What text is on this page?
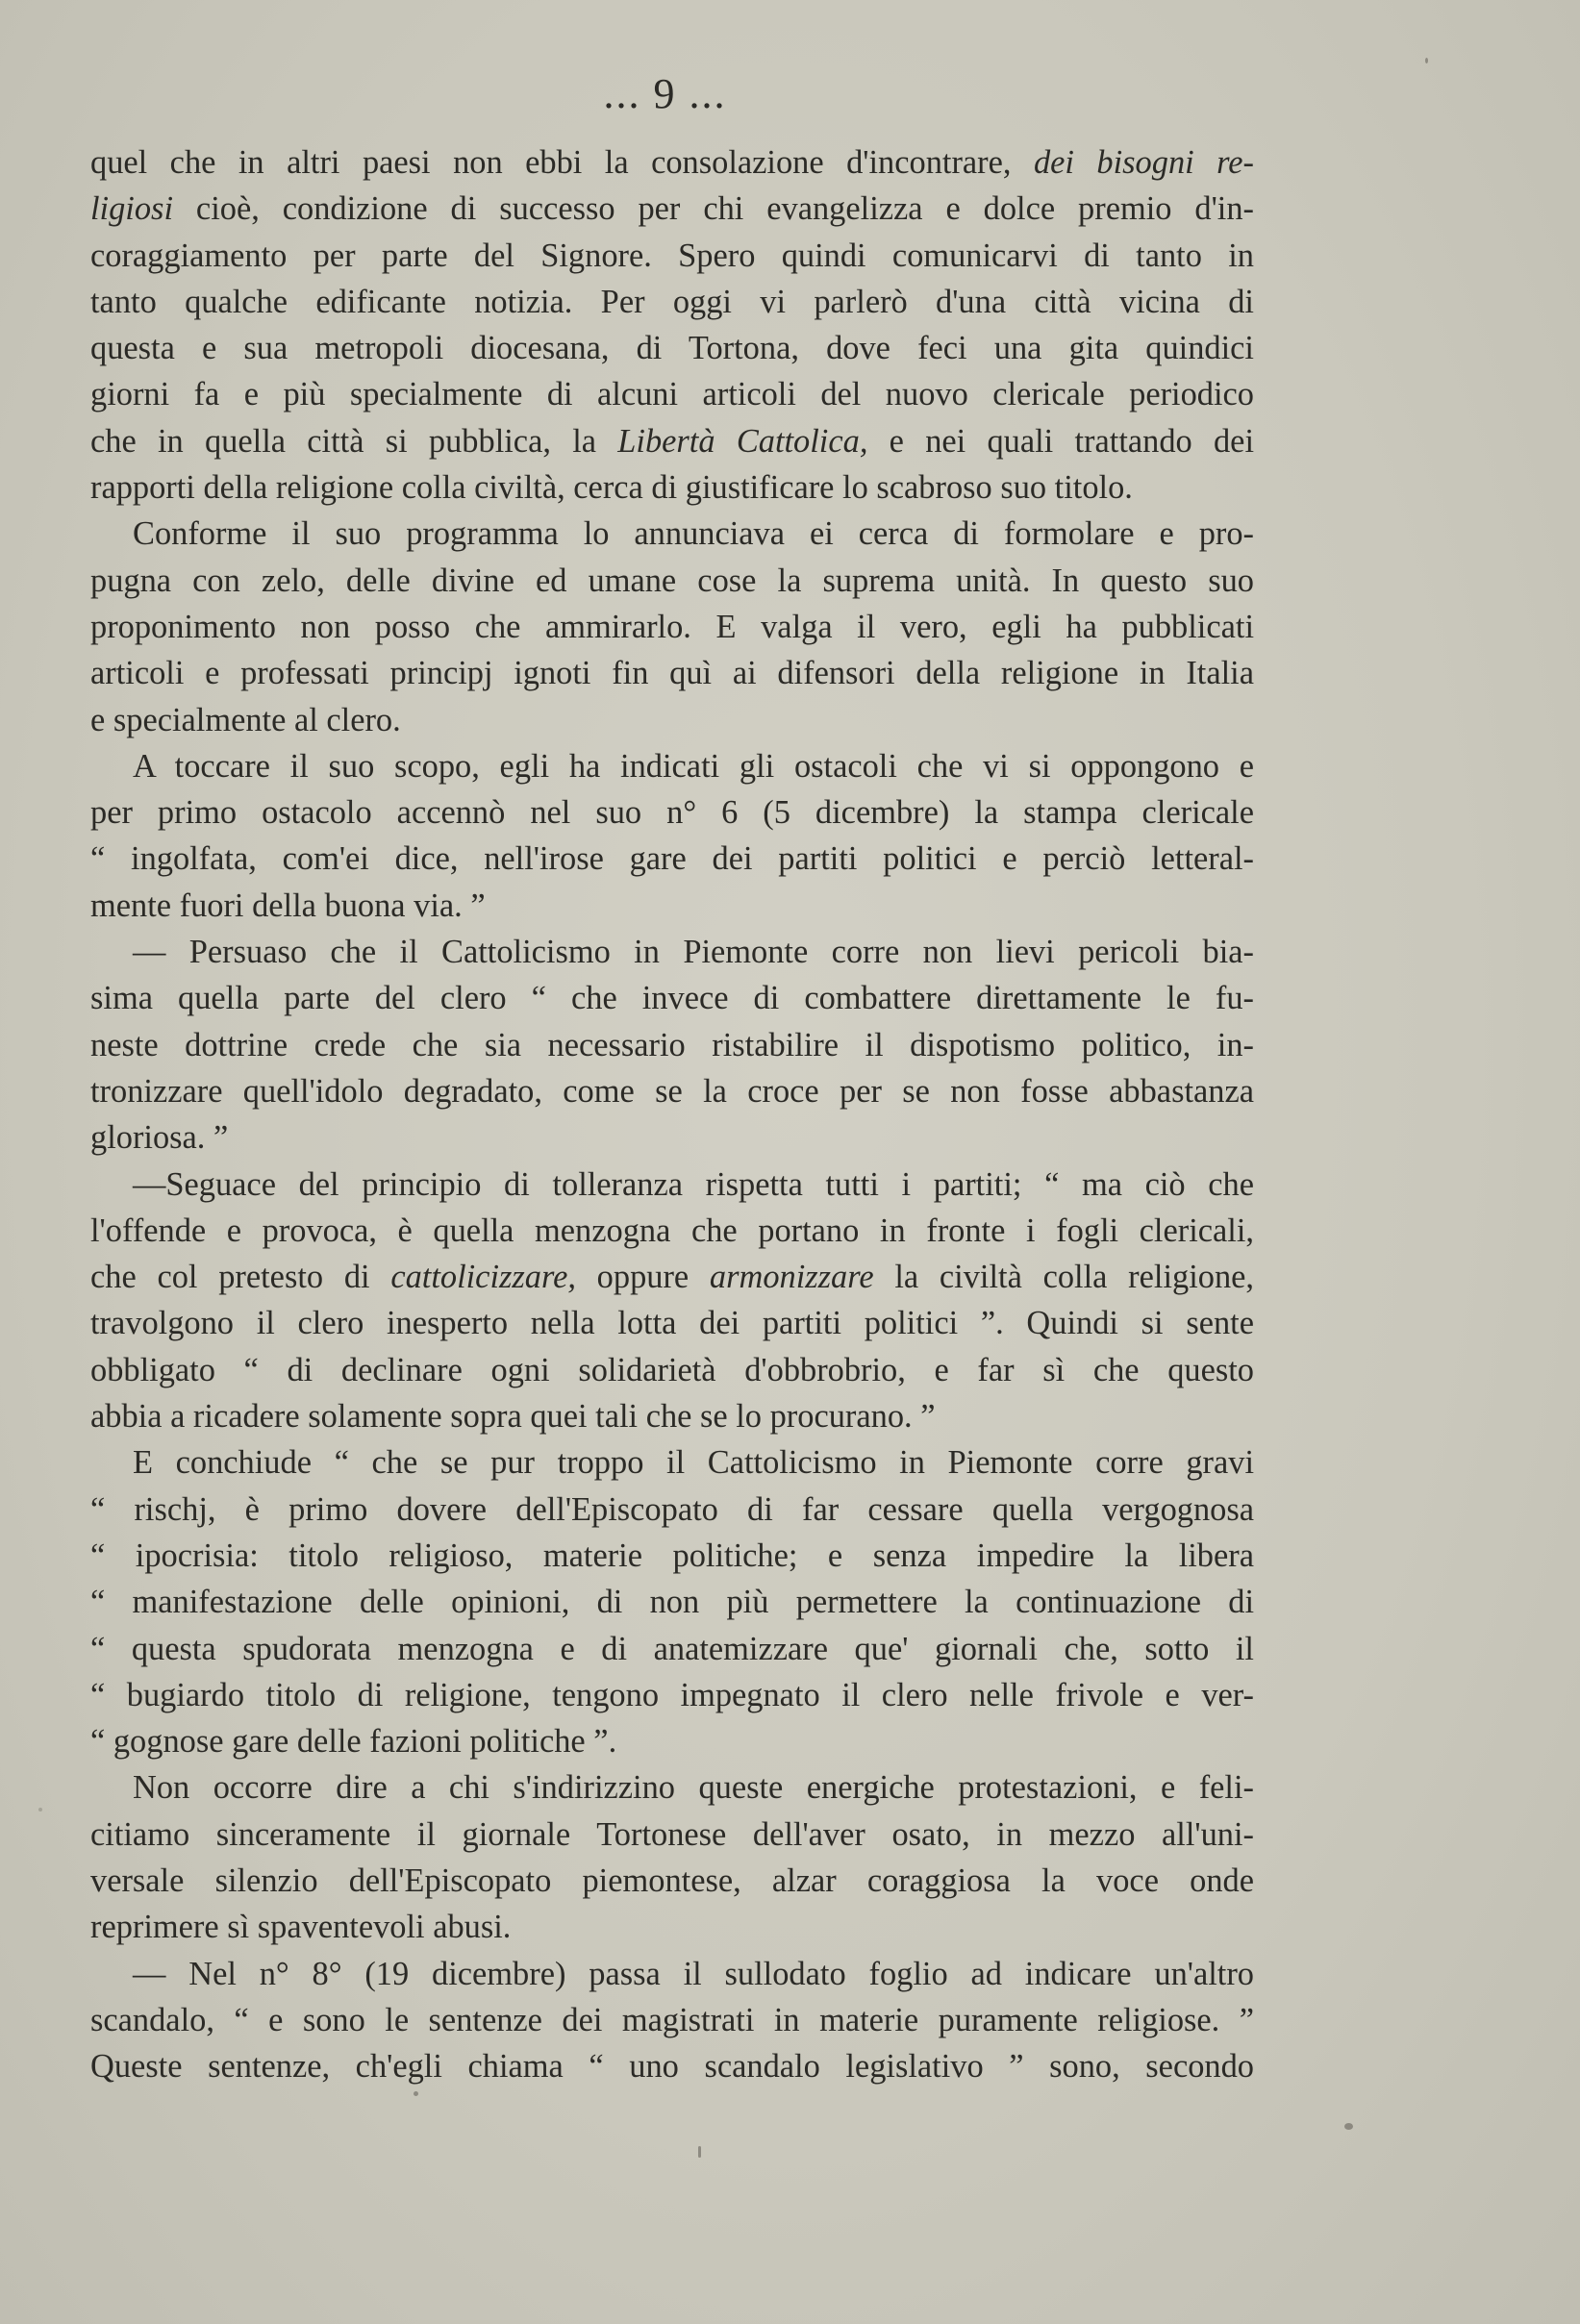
... 9 ...
quel che in altri paesi non ebbi la consolazione d'incontrare, dei bisogni re-
ligiosi cioè, condizione di successo per chi evangelizza e dolce premio d'in-
coraggiamento per parte del Signore. Spero quindi comunicarvi di tanto in
tanto qualche edificante notizia. Per oggi vi parlerò d'una città vicina di
questa e sua metropoli diocesana, di Tortona, dove feci una gita quindici
giorni fa e più specialmente di alcuni articoli del nuovo clericale periodico
che in quella città si pubblica, la Libertà Cattolica, e nei quali trattando dei
rapporti della religione colla civiltà, cerca di giustificare lo scabroso suo titolo.
Conforme il suo programma lo annunciava ei cerca di formolare e pro-
pugna con zelo, delle divine ed umane cose la suprema unità. In questo suo
proponimento non posso che ammirarlo. E valga il vero, egli ha pubblicati
articoli e professati principj ignoti fin quì ai difensori della religione in Italia
e specialmente al clero.
A toccare il suo scopo, egli ha indicati gli ostacoli che vi si oppongono e
per primo ostacolo accennò nel suo n° 6 (5 dicembre) la stampa clericale
“ ingolfata, com'ei dice, nell'irose gare dei partiti politici e perciò letteral-
mente fuori della buona via. ”
— Persuaso che il Cattolicismo in Piemonte corre non lievi pericoli bia-
sima quella parte del clero “ che invece di combattere direttamente le fu-
neste dottrine crede che sia necessario ristabilire il dispotismo politico, in-
tronizzare quell'idolo degradato, come se la croce per se non fosse abbastanza
gloriosa. ”
—Seguace del principio di tolleranza rispetta tutti i partiti; “ ma ciò che
l'offende e provoca, è quella menzogna che portano in fronte i fogli clericali,
che col pretesto di cattolicizzare, oppure armonizzare la civiltà colla religione,
travolgono il clero inesperto nella lotta dei partiti politici ”. Quindi si sente
obbligato “ di declinare ogni solidarietà d'obbrobrio, e far sì che questo
abbia a ricadere solamente sopra quei tali che se lo procurano. ”
E conchiude “ che se pur troppo il Cattolicismo in Piemonte corre gravi
“ rischj, è primo dovere dell'Episcopato di far cessare quella vergognosa
“ ipocrisia: titolo religioso, materie politiche; e senza impedire la libera
“ manifestazione delle opinioni, di non più permettere la continuazione di
“ questa spudorata menzogna e di anatemizzare que' giornali che, sotto il
“ bugiardo titolo di religione, tengono impegnato il clero nelle frivole e ver-
“ gognose gare delle fazioni politiche ”.
Non occorre dire a chi s'indirizzino queste energiche protestazioni, e feli-
citiamo sinceramente il giornale Tortonese dell'aver osato, in mezzo all'uni-
versale silenzio dell'Episcopato piemontese, alzar coraggiosa la voce onde
reprimere sì spaventevoli abusi.
— Nel n° 8° (19 dicembre) passa il sullodato foglio ad indicare un'altro
scandalo, “ e sono le sentenze dei magistrati in materie puramente religiose. ”
Queste sentenze, ch'egli chiama “ uno scandalo legislativo ” sono, secondo
